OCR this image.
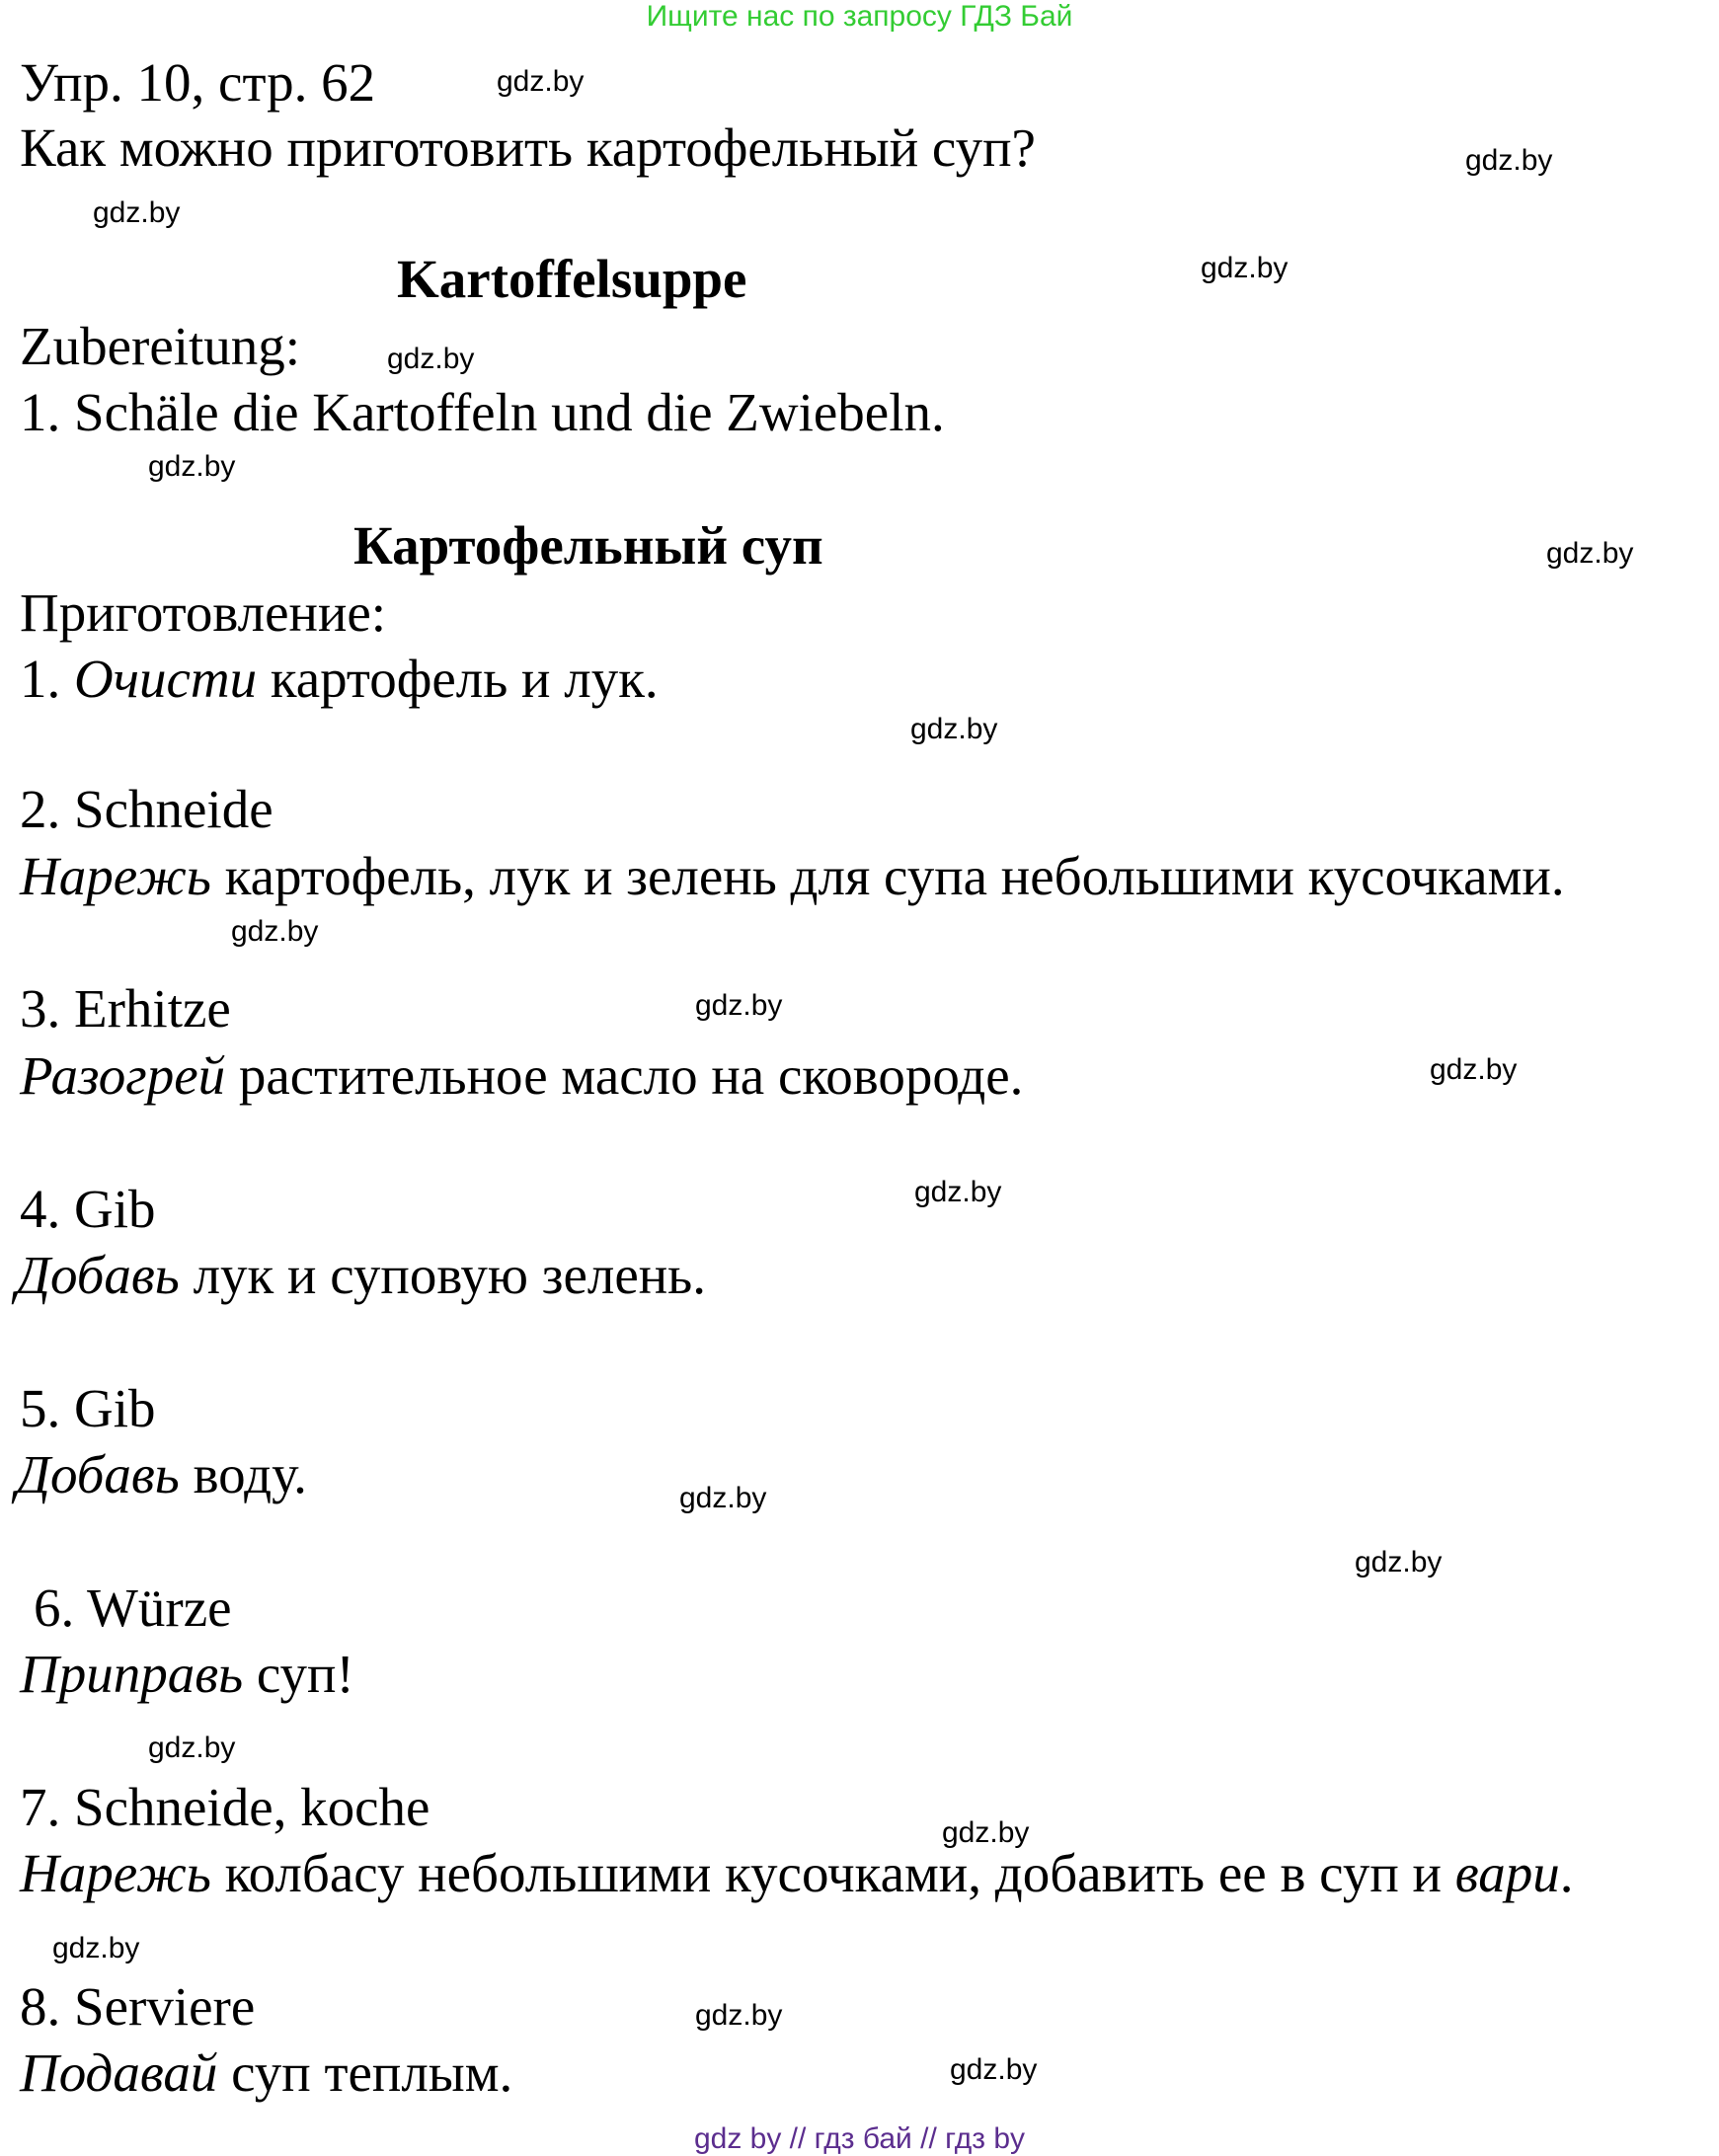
Ищите нас по запросу ГДЗ Бай
Упр. 10, стр. 62
Как можно приготовить картофельный суп?
Kartoffelsuppe
Zubereitung:
1. Schäle die Kartoffeln und die Zwiebeln.
Картофельный суп
Приготовление:
1. Очисти картофель и лук.
2. Schneide
Нарежь картофель, лук и зелень для супа небольшими кусочками.
3. Erhitze
Разогрей растительное масло на сковороде.
4. Gib
Добавь лук и суповую зелень.
5. Gib
Добавь воду.
6. Würze
Приправь суп!
7. Schneide, koche
Нарежь колбасу небольшими кусочками, добавить ее в суп и вари.
8. Serviere
Подавай суп теплым.
gdz.by
gdz.by
gdz.by
gdz.by
gdz.by
gdz.by
gdz.by
gdz.by
gdz.by
gdz.by
gdz.by
gdz.by
gdz.by
gdz.by
gdz.by
gdz.by
gdz.by
gdz.by
gdz.by
gdz by // гдз бай // гдз by
